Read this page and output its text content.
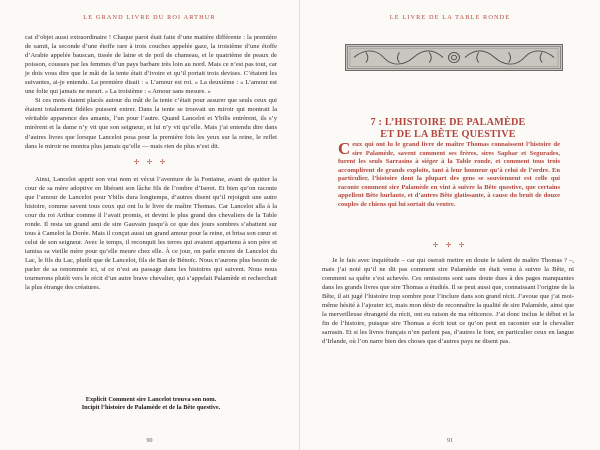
LE GRAND LIVRE DU ROI ARTHUR

cat d’objet aussi extraordinaire ! Chaque paroi était faite d’une matière différente : la première de samit, la seconde d’une étoffe rare à trois couches appelée gaze, la troisième d’une étoffe d’Arabie appelée bauscan, tissée de laine et de poil de chameau, et le quatrième de peaux de poisson, cousues par les femmes d’un pays barbare très loin au nord. Mais ce n’est pas tout, car je dois vous dire que le mât de la tente était d’ivoire et qu’il portait trois devises. C’étaient les suivantes, ai-je entendu. La première disait : « L’amour est roi. » La deuxième : « L’amour est une folie qui jamais ne meurt. » La troisième : « Amour sans mesure. »

Si ces mots étaient placés autour du mât de la tente c’était pour assurer que seuls ceux qui étaient totalement fidèles puissent entrer. Dans la tente se trouvait un miroir qui montrait la véritable apparence des amants, l’un pour l’autre. Quand Lancelot et Ybilis entrèrent, ils s’y mirèrent et la dame n’y vit que son seigneur, et lui n’y vit qu’elle. Mais j’ai entendu dire dans d’autres livres que lorsque Lancelot posa pour la première fois les yeux sur la reine, le reflet dans le miroir ne montra plus jamais qu’elle — mais rien de plus n’est dit.

✢ ✢ ✢

Ainsi, Lancelot apprit son vrai nom et vécut l’aventure de la Fontaine, avant de quitter la cour de sa mère adoptive en libérant son lâche fils de l’ombre d’Iseret. Et bien qu’on raconte que l’amour de Lancelot pour Ybilis dura longtemps, d’autres disent qu’il rejoignit une autre histoire, comme savent tous ceux qui ont lu le livre de maître Thomas. Car Lancelot alla à la cour du roi Arthur comme il l’avait promis, et devint le plus grand des chevaliers de la Table ronde. Il resta un grand ami de sire Gauvain jusqu’à ce que des jours sombres s’abattent sur tous à Camelot la Dorée. Mais il conçut aussi un grand amour pour la reine, et brisa son cœur et celui de son seigneur. Avec le temps, il reconquit les terres qui avaient appartenu à son père et tamisa sa vieille mère pour qu’elle meure chez elle. À ce jour, on parle encore de Lancelot du Lac, le fils du Lac, plutôt que de Lancelot, fils de Ban de Bénoïc. Nous n’aurons plus besoin de parler de sa renommée ici, si ce n’est au passage dans les histoires qui suivent. Nous nous tournerons plutôt vers le récit d’un autre brave chevalier, qui s’appelait Palamède et recherchait la plus étrange des créatures.

Explicit Comment sire Lancelot trouva son nom.
Incipit l’histoire de Palamède et de la Bête questive.
90
LE LIVRE DE LA TABLE RONDE
7 : L’HISTOIRE DE PALAMÈDE
ET DE LA BÊTE QUESTIVE
Ceux qui ont lu le grand livre de maître Thomas connaissent l’histoire de sire Palamède, savent comment ses frères, sires Saphar et Segurades, furent les seuls Sarrasins à siéger à la Table ronde, et comment tous trois accomplirent de grands exploits, tant à leur honneur qu’à celui de l’ordre. En particulier, l’histoire dont la plupart des gens se souviennent est celle qui raconte comment sire Palamède en vint à suivre la Bête questive, que certains appellent Bête hurlante, et d’autres Bête glatissante, à cause du bruit de douze couples de chiens qui lui sortait du ventre.
✢ ✢ ✢

Je le fais avec inquiétude – car qui oserait mettre en doute le talent de maître Thomas ? –, mais j’ai noté qu’il ne dit pas comment sire Palamède en était venu à suivre la Bête, ni comment sa quête s’est achevée. Ces omissions sont sans doute dues à des pages manquantes dans les grands livres que sire Thomas a étudiés. Il se peut aussi que, connaissant l’origine de la Bête, il ait jugé l’histoire trop sombre pour l’inclure dans son grand récit. J’avoue que j’ai moi-même hésité à l’ajouter ici, mais mon désir de reconnaître la qualité de sire Palamède, ainsi que la merveilleuse étrangeté du récit, ont eu raison de ma réticence. J’ai donc inclus le début et la fin de l’histoire, puisque sire Thomas a écrit tout ce qu’on peut en raconter sur le chevalier sarrasin. Et si les livres français n’en parlent pas, d’autres le font, en particulier ceux en langue d’Irlande, où l’on narre bien des choses que d’autres pays ne disent pas.

91
